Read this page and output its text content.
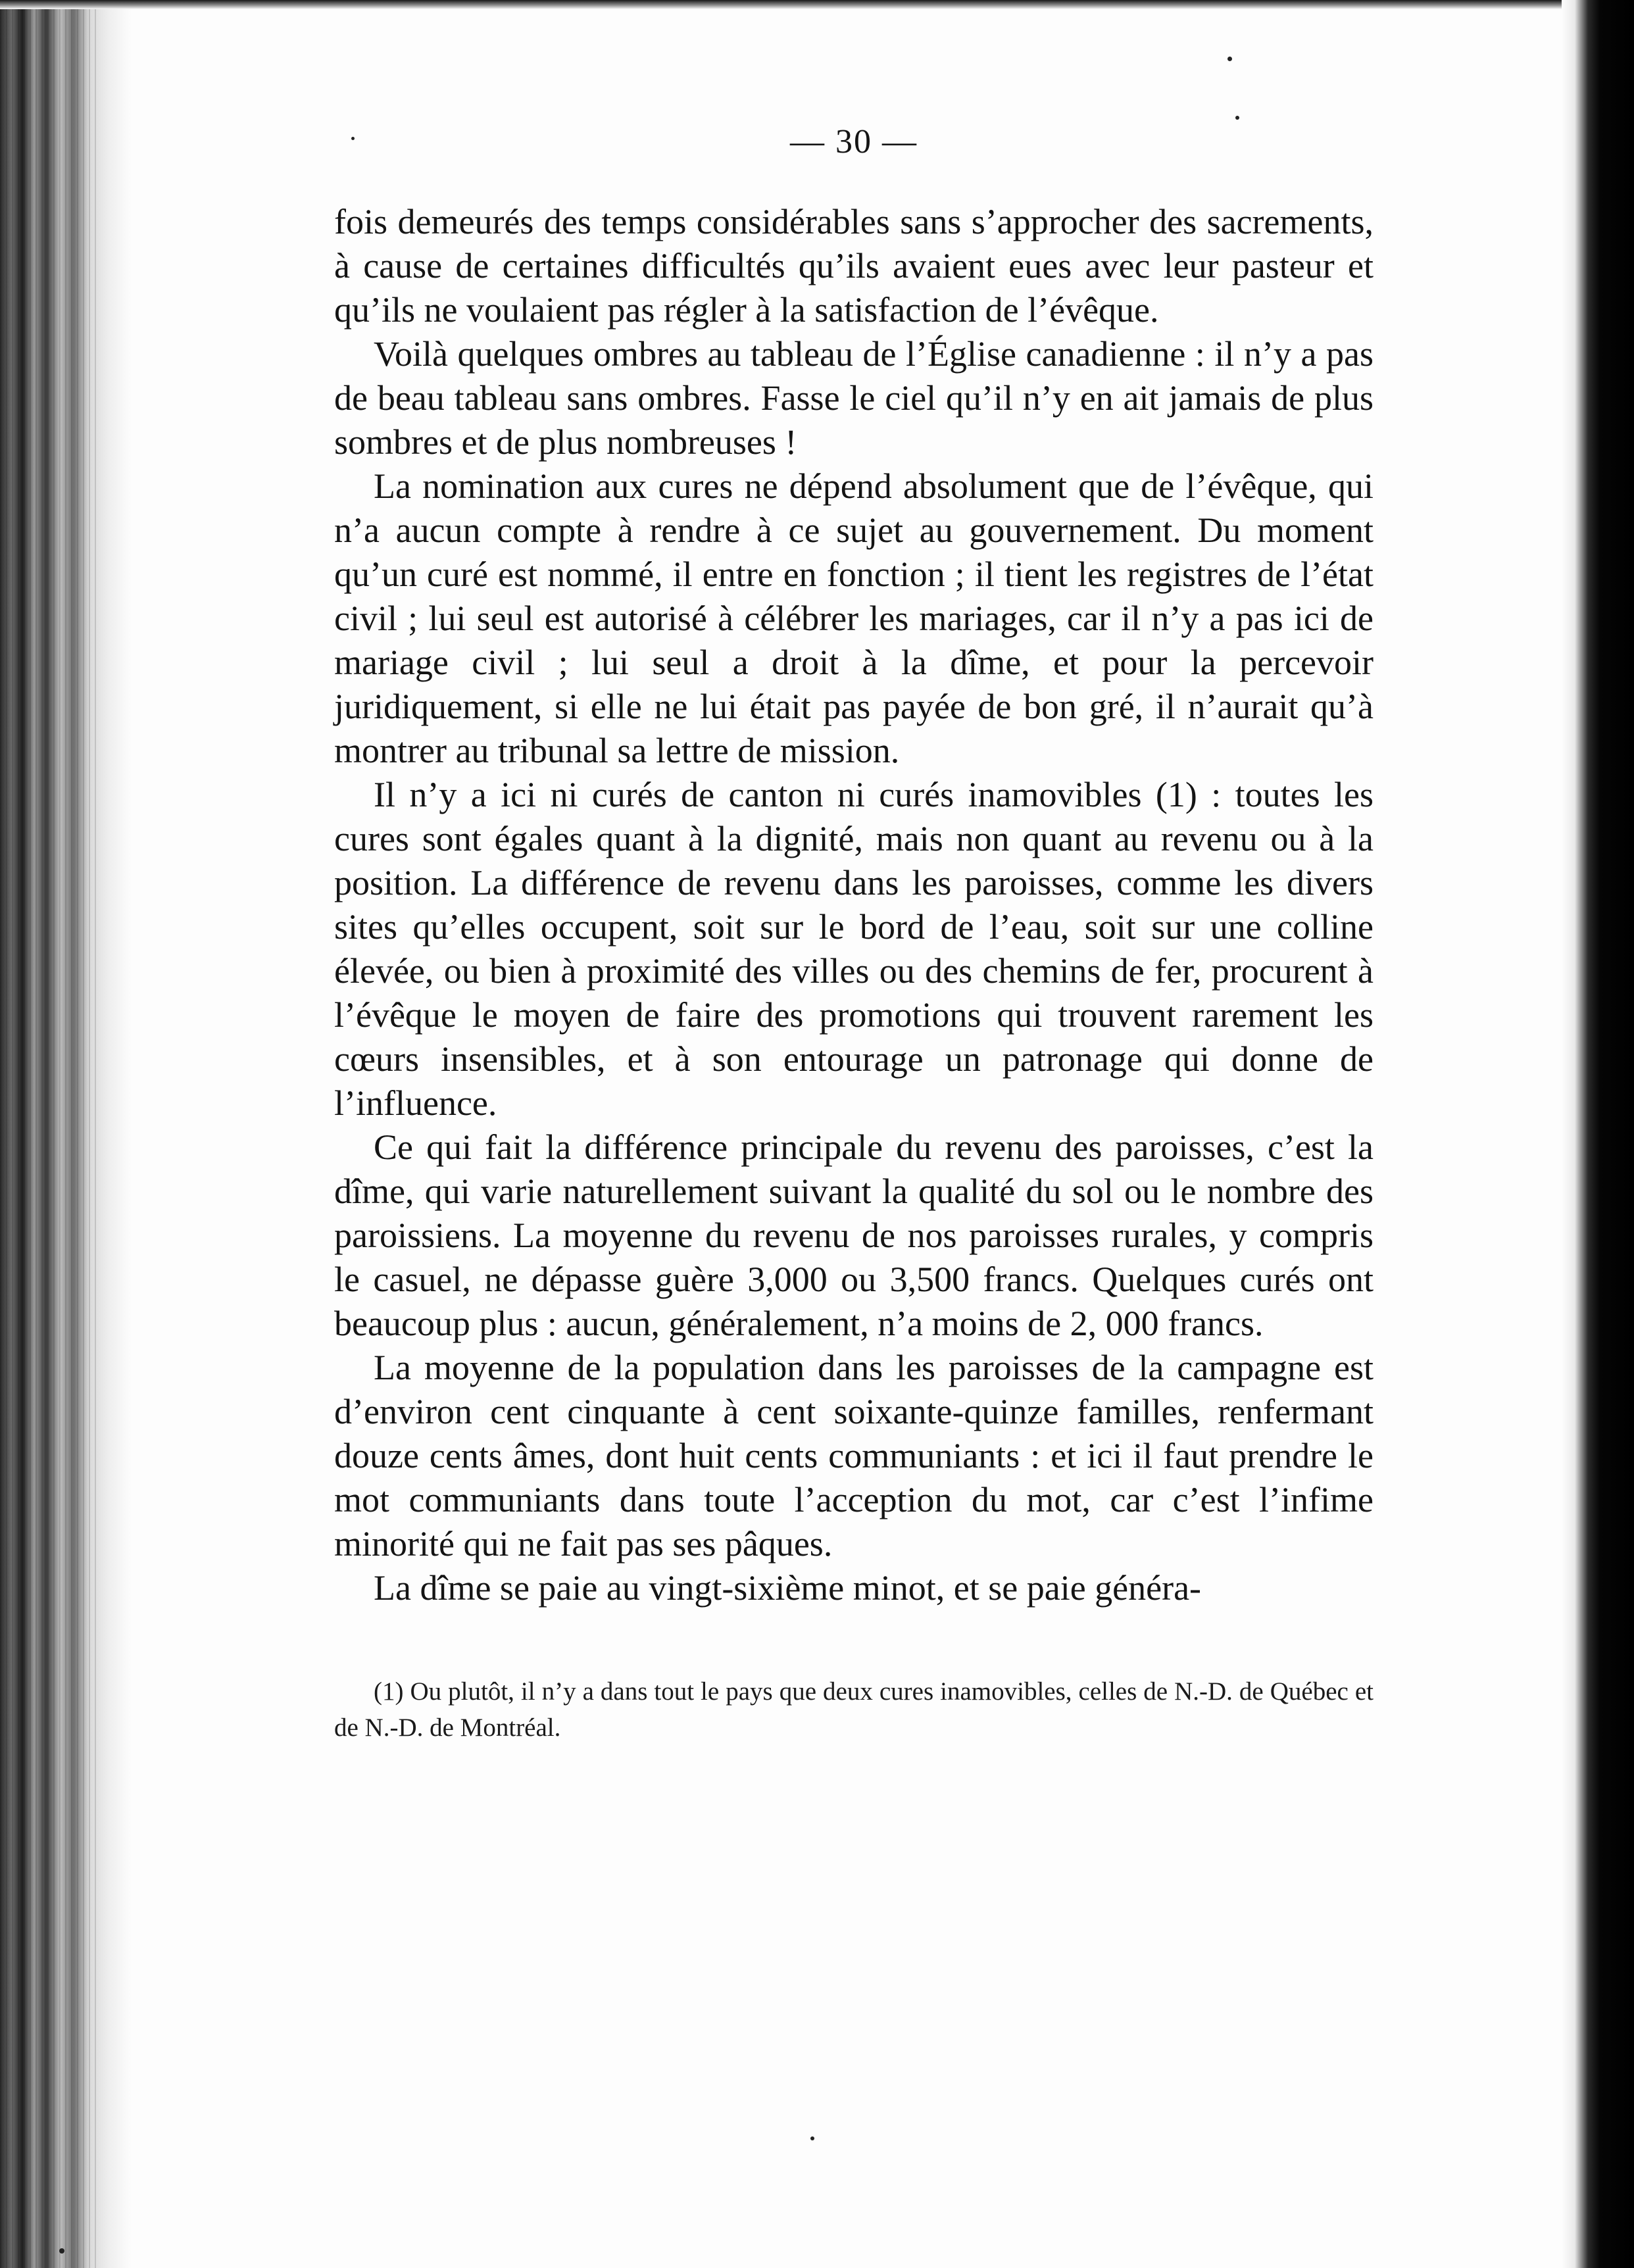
— 30 —

fois demeurés des temps considérables sans s’approcher des sacrements, à cause de certaines difficultés qu’ils avaient eues avec leur pasteur et qu’ils ne voulaient pas régler à la satisfaction de l’évêque.

Voilà quelques ombres au tableau de l’Église canadienne : il n’y a pas de beau tableau sans ombres. Fasse le ciel qu’il n’y en ait jamais de plus sombres et de plus nombreuses !

La nomination aux cures ne dépend absolument que de l’évêque, qui n’a aucun compte à rendre à ce sujet au gouvernement. Du moment qu’un curé est nommé, il entre en fonction ; il tient les registres de l’état civil ; lui seul est autorisé à célébrer les mariages, car il n’y a pas ici de mariage civil ; lui seul a droit à la dîme, et pour la percevoir juridiquement, si elle ne lui était pas payée de bon gré, il n’aurait qu’à montrer au tribunal sa lettre de mission.

Il n’y a ici ni curés de canton ni curés inamovibles (1) : toutes les cures sont égales quant à la dignité, mais non quant au revenu ou à la position. La différence de revenu dans les paroisses, comme les divers sites qu’elles occupent, soit sur le bord de l’eau, soit sur une colline élevée, ou bien à proximité des villes ou des chemins de fer, procurent à l’évêque le moyen de faire des promotions qui trouvent rarement les cœurs insensibles, et à son entourage un patronage qui donne de l’influence.

Ce qui fait la différence principale du revenu des paroisses, c’est la dîme, qui varie naturellement suivant la qualité du sol ou le nombre des paroissiens. La moyenne du revenu de nos paroisses rurales, y compris le casuel, ne dépasse guère 3,000 ou 3,500 francs. Quelques curés ont beaucoup plus : aucun, généralement, n’a moins de 2, 000 francs.

La moyenne de la population dans les paroisses de la campagne est d’environ cent cinquante à cent soixante-quinze familles, renfermant douze cents âmes, dont huit cents communiants : et ici il faut prendre le mot communiants dans toute l’acception du mot, car c’est l’infime minorité qui ne fait pas ses pâques.

La dîme se paie au vingt-sixième minot, et se paie généra-

(1) Ou plutôt, il n’y a dans tout le pays que deux cures inamovibles, celles de N.-D. de Québec et de N.-D. de Montréal.
